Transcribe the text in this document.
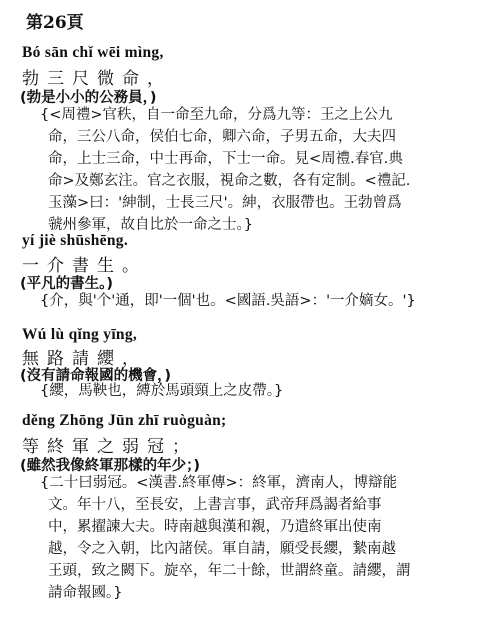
第26頁
Bó sān chǐ wēi mìng,
勃三尺微命，
(勃是小小的公務員，)
{<周禮>官秩，自一命至九命，分爲九等：王之上公九
命，三公八命，侯伯七命，卿六命，子男五命，大夫四
命，上士三命，中士再命，下士一命。見<周禮.春官.典
命>及鄭玄注。官之衣服，視命之數，各有定制。<禮記.
玉藻>曰：'紳制，士長三尺'。紳，衣服帶也。王勃曾爲
虢州參軍，故自比於一命之士。}
yí jiè shūshēng.
一介書生。
(平凡的書生。)
{介，與'个'通，即'一個'也。<國語.吳語>：'一介嫡女。'}
Wú lù qǐng yīng,
無路請纓，
(沒有請命報國的機會，)
{纓，馬鞅也，縛於馬頭頸上之皮帶。}
děng Zhōng Jūn zhī ruòguàn;
等終軍之弱冠；
(雖然我像終軍那樣的年少；)
{二十曰弱冠。<漢書.終軍傳>：終軍，濟南人，博辯能
文。年十八，至長安，上書言事，武帝拜爲謁者給事
中，累擢諫大夫。時南越與漢和親，乃遣終軍出使南
越，令之入朝，比內諸侯。軍自請，願受長纓，縶南越
王頭，致之闕下。旋卒，年二十餘，世謂終童。請纓，謂
請命報國。}
